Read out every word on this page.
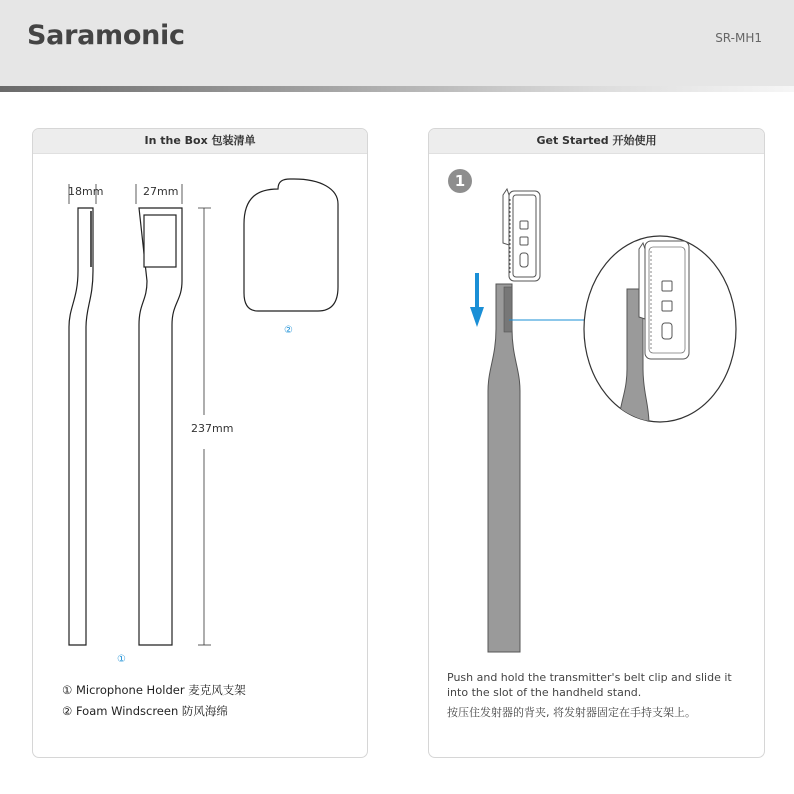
Saramonic	SR-MH1
In the Box 包装清单
18mm	27mm
237mm
①
②
① Microphone Holder 麦克风支架
② Foam Windscreen 防风海绵
Get Started 开始使用
1
Push and hold the transmitter's belt clip and slide it into the slot of the handheld stand.
按压住发射器的背夹, 将发射器固定在手持支架上。
